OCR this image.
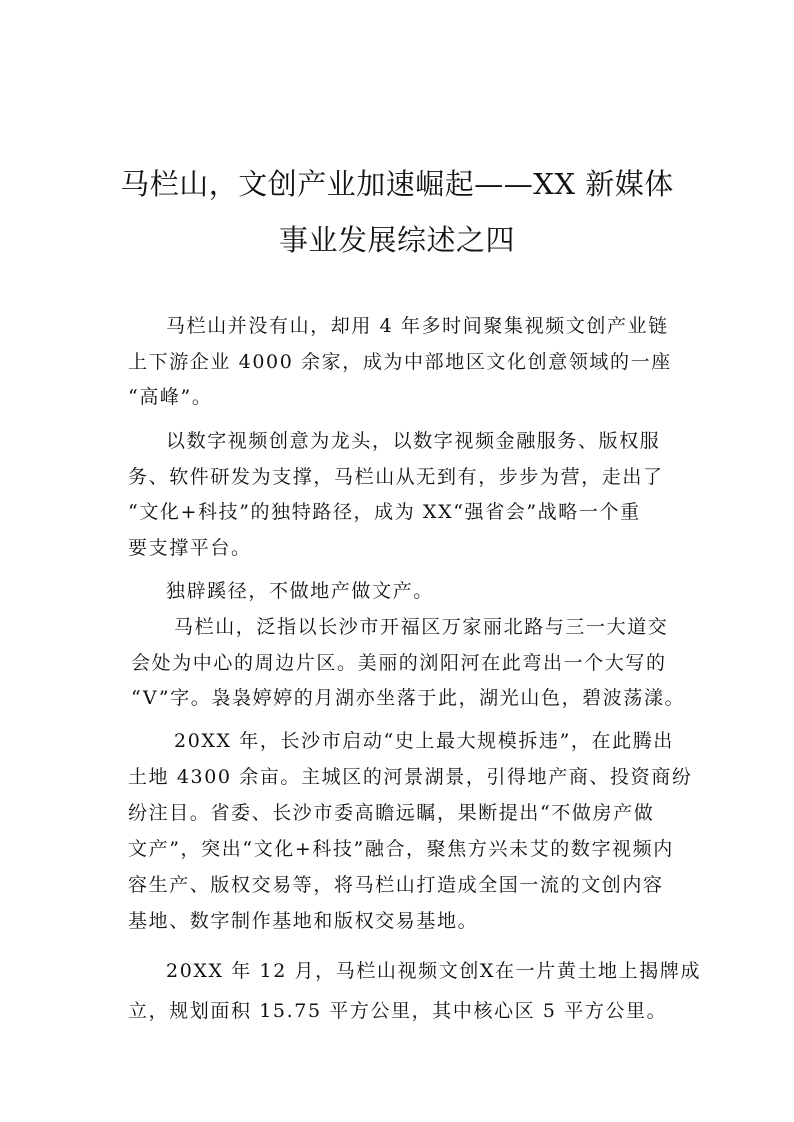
马栏山，文创产业加速崛起——XX 新媒体
事业发展综述之四
马栏山并没有山，却用 4 年多时间聚集视频文创产业链
上下游企业 4000 余家，成为中部地区文化创意领域的一座
“高峰”。
以数字视频创意为龙头，以数字视频金融服务、版权服
务、软件研发为支撑，马栏山从无到有，步步为营，走出了
“文化+科技”的独特路径，成为 XX“强省会”战略一个重
要支撑平台。
独辟蹊径，不做地产做文产。
马栏山，泛指以长沙市开福区万家丽北路与三一大道交
会处为中心的周边片区。美丽的浏阳河在此弯出一个大写的
“V”字。袅袅婷婷的月湖亦坐落于此，湖光山色，碧波荡漾。
20XX 年，长沙市启动“史上最大规模拆违”，在此腾出
土地 4300 余亩。主城区的河景湖景，引得地产商、投资商纷
纷注目。省委、长沙市委高瞻远瞩，果断提出“不做房产做
文产”，突出“文化+科技”融合，聚焦方兴未艾的数字视频内
容生产、版权交易等，将马栏山打造成全国一流的文创内容
基地、数字制作基地和版权交易基地。
20XX 年 12 月，马栏山视频文创X在一片黄土地上揭牌成
立，规划面积 15.75 平方公里，其中核心区 5 平方公里。
